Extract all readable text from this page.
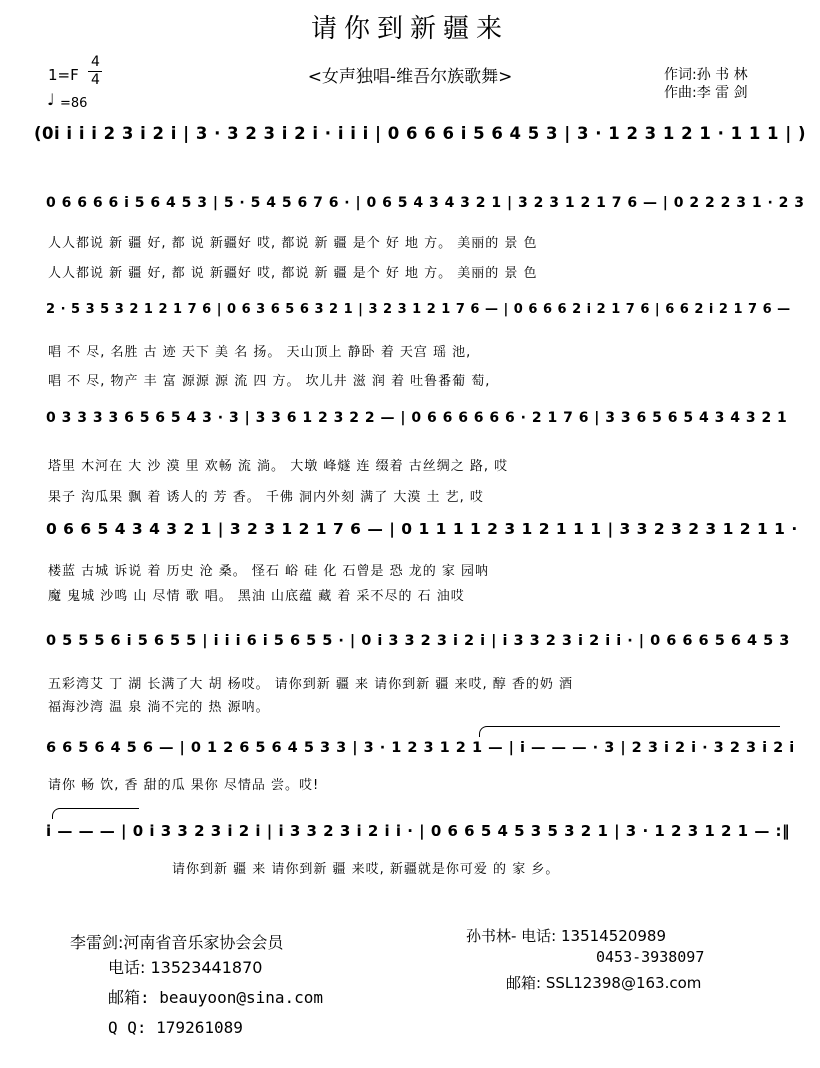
请你到新疆来
<女声独唱-维吾尔族歌舞>
1=F
4
4
♩ =86
作词:孙 书 林
作曲:李 雷 剑
(0i i i i 2 3 i 2 i | 3 · 3 2 3 i 2 i · i i i | 0 6 6 6 i 5 6 4 5 3 | 3 · 1 2 3 1 2 1 · 1 1 1 | )
0 6 6 6 6 i 5 6 4 5 3 | 5 · 5 4 5 6 7 6 · | 0 6 5 4 3 4 3 2 1 | 3 2 3 1 2 1 7 6 — | 0 2 2 2 3 1 · 2 3
人人都说 新 疆 好, 都 说 新疆好 哎, 都说 新 疆 是个 好 地 方。 美丽的 景 色
人人都说 新 疆 好, 都 说 新疆好 哎, 都说 新 疆 是个 好 地 方。 美丽的 景 色
2 · 5 3 5 3 2 1 2 1 7 6 | 0 6 3 6 5 6 3 2 1 | 3 2 3 1 2 1 7 6 — | 0 6 6 6 2 i 2 1 7 6 | 6 6 2 i 2 1 7 6 —
唱 不 尽, 名胜 古 迹 天下 美 名 扬。 天山顶上 静卧 着 天宫 瑶 池,
唱 不 尽, 物产 丰 富 源源 源 流 四 方。 坎儿井 滋 润 着 吐鲁番葡 萄,
0 3 3 3 3 6 5 6 5 4 3 · 3 | 3 3 6 1 2 3 2 2 — | 0 6 6 6 6 6 6 · 2 1 7 6 | 3 3 6 5 6 5 4 3 4 3 2 1
塔里 木河在 大 沙 漠 里 欢畅 流 淌。 大墩 峰燧 连 缀着 古丝绸之 路, 哎
果子 沟瓜果 飘 着 诱人的 芳 香。 千佛 洞内外刻 满了 大漠 土 艺, 哎
0 6 6 5 4 3 4 3 2 1 | 3 2 3 1 2 1 7 6 — | 0 1 1 1 1 2 3 1 2 1 1 1 | 3 3 2 3 2 3 1 2 1 1 ·
楼蓝 古城 诉说 着 历史 沧 桑。 怪石 峪 硅 化 石曾是 恐 龙的 家 园呐
魔 鬼城 沙鸣 山 尽情 歌 唱。 黑油 山底蕴 藏 着 采不尽的 石 油哎
0 5 5 5 6 i 5 6 5 5 | i i i 6 i 5 6 5 5 · | 0 i 3 3 2 3 i 2 i | i 3 3 2 3 i 2 i i · | 0 6 6 6 5 6 4 5 3
五彩湾艾 丁 湖 长满了大 胡 杨哎。 请你到新 疆 来 请你到新 疆 来哎, 醇 香的奶 酒
福海沙湾 温 泉 淌不完的 热 源呐。
6 6 5 6 4 5 6 — | 0 1 2 6 5 6 4 5 3 3 | 3 · 1 2 3 1 2 1 — | i — — — · 3 | 2 3 i 2 i · 3 2 3 i 2 i
请你 畅 饮, 香 甜的瓜 果你 尽情品 尝。哎!
i — — — | 0 i 3 3 2 3 i 2 i | i 3 3 2 3 i 2 i i · | 0 6 6 5 4 5 3 5 3 2 1 | 3 · 1 2 3 1 2 1 — :‖
请你到新 疆 来 请你到新 疆 来哎, 新疆就是你可爱 的 家 乡。
李雷剑:河南省音乐家协会会员
电话: 13523441870
邮箱: beauyoon@sina.com
Q Q: 179261089
孙书林- 电话: 13514520989
0453-3938097
邮箱: SSL12398@163.com
